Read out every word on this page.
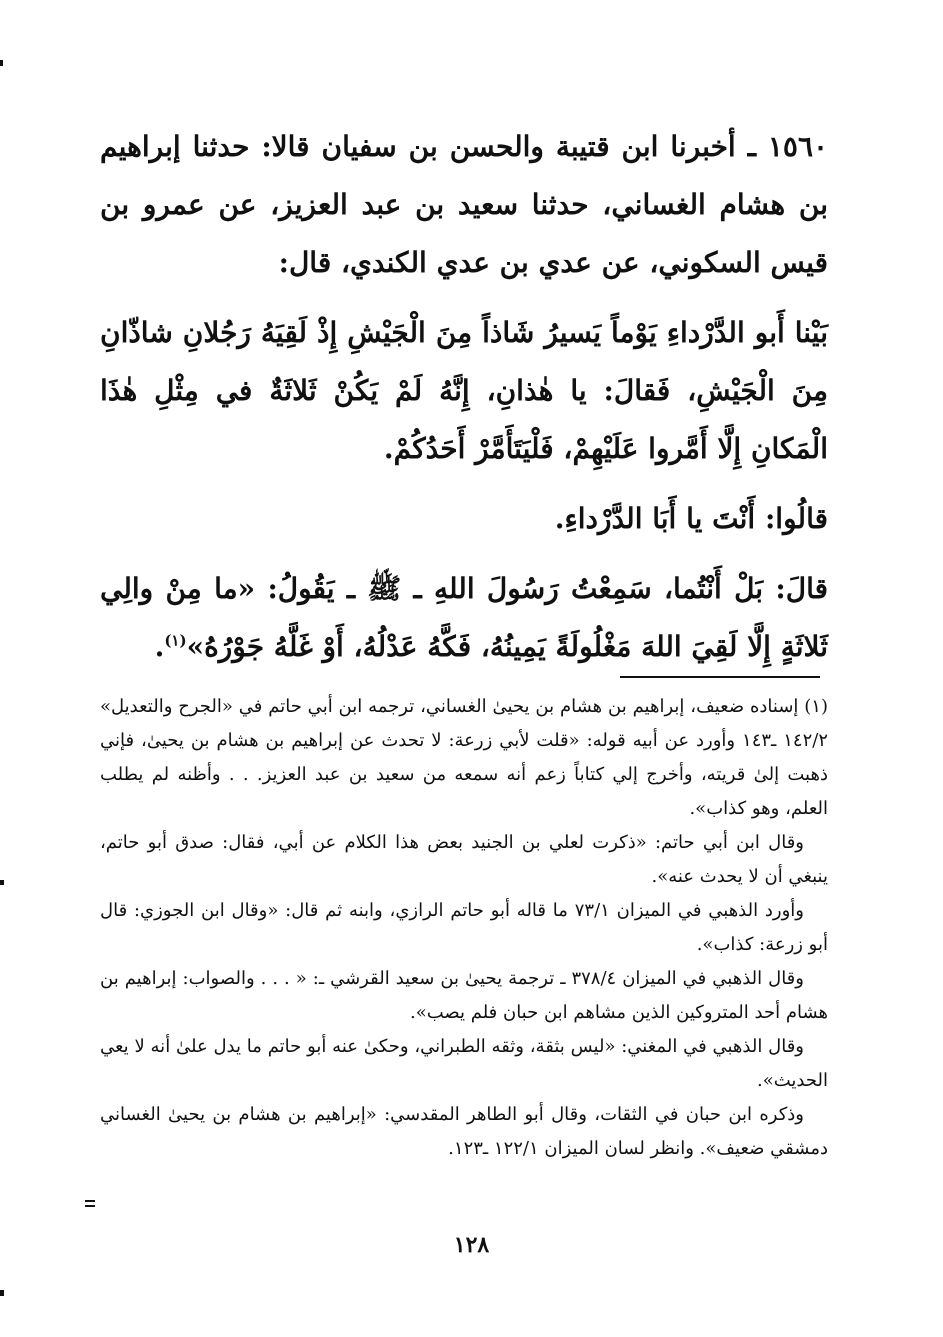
١٥٦٠ ـ أخبرنا ابن قتيبة والحسن بن سفيان قالا: حدثنا إبراهيم بن هشام الغساني، حدثنا سعيد بن عبد العزيز، عن عمرو بن قيس السكوني، عن عدي بن عدي الكندي، قال:

بَيْنا أَبو الدَّرْداءِ يَوْماً يَسيرُ شَاذاً مِنَ الْجَيْشِ إِذْ لَقِيَهُ رَجُلانِ شاذّانِ مِنَ الْجَيْشِ، فَقالَ: يا هٰذانِ، إِنَّهُ لَمْ يَكُنْ ثَلاثَةٌ في مِثْلِ هٰذَا الْمَكانِ إِلَّا أَمَّروا عَلَيْهِمْ، فَلْيَتَأَمَّرْ أَحَدُكُمْ.

قالُوا: أَنْتَ يا أَبَا الدَّرْداءِ.

قالَ: بَلْ أَنْتُما، سَمِعْتُ رَسُولَ اللهِ ـ ﷺ ـ يَقُولُ: «ما مِنْ والِي ثَلاثَةٍ إِلَّا لَقِيَ اللهَ مَغْلُولَةً يَمِينُهُ، فَكَّهُ عَدْلُهُ، أَوْ غَلَّهُ جَوْرُهُ»$^{(١)}$.

(١) إسناده ضعيف، إبراهيم بن هشام بن يحيىٰ الغساني، ترجمه ابن أبي حاتم في «الجرح والتعديل» ١٤٢/٢ ـ١٤٣ وأورد عن أبيه قوله: «قلت لأبي زرعة: لا تحدث عن إبراهيم بن هشام بن يحيىٰ، فإني ذهبت إلىٰ قريته، وأخرج إلي كتاباً زعم أنه سمعه من سعيد بن عبد العزيز. . . وأظنه لم يطلب العلم، وهو كذاب».

وقال ابن أبي حاتم: «ذكرت لعلي بن الجنيد بعض هذا الكلام عن أبي، فقال: صدق أبو حاتم، ينبغي أن لا يحدث عنه».

وأورد الذهبي في الميزان ٧٣/١ ما قاله أبو حاتم الرازي، وابنه ثم قال: «وقال ابن الجوزي: قال أبو زرعة: كذاب».

وقال الذهبي في الميزان ٣٧٨/٤ ـ ترجمة يحيىٰ بن سعيد القرشي ـ: « . . . والصواب: إبراهيم بن هشام أحد المتروكين الذين مشاهم ابن حبان فلم يصب».

وقال الذهبي في المغني: «ليس بثقة، وثقه الطبراني، وحكىٰ عنه أبو حاتم ما يدل علىٰ أنه لا يعي الحديث».

وذكره ابن حبان في الثقات، وقال أبو الطاهر المقدسي: «إبراهيم بن هشام بن يحيىٰ الغساني دمشقي ضعيف». وانظر لسان الميزان ١٢٢/١ ـ١٢٣.

١٢٨
